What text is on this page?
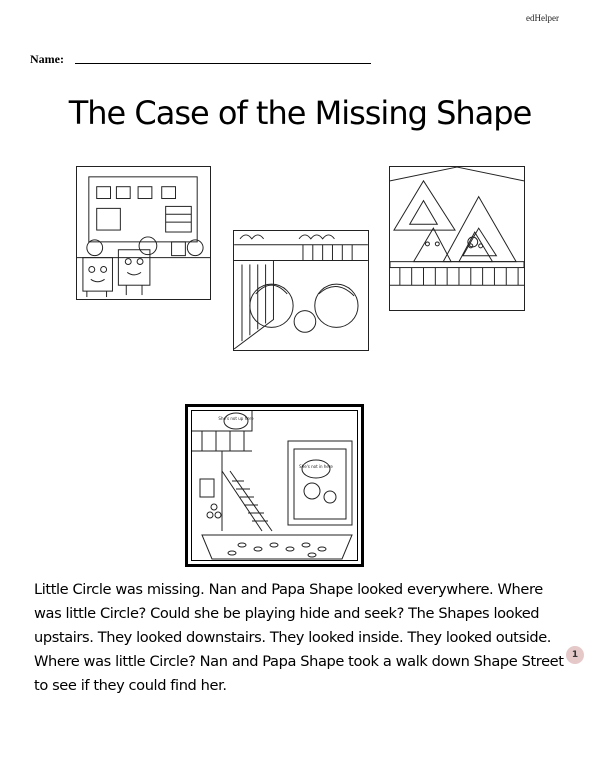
edHelper
Name:
The Case of the Missing Shape
She's not up here
She's not in here
Little Circle was missing. Nan and Papa Shape looked everywhere. Where was little Circle? Could she be playing hide and seek? The Shapes looked upstairs. They looked downstairs. They looked inside. They looked outside. Where was little Circle? Nan and Papa Shape took a walk down Shape Street to see if they could find her.
1
